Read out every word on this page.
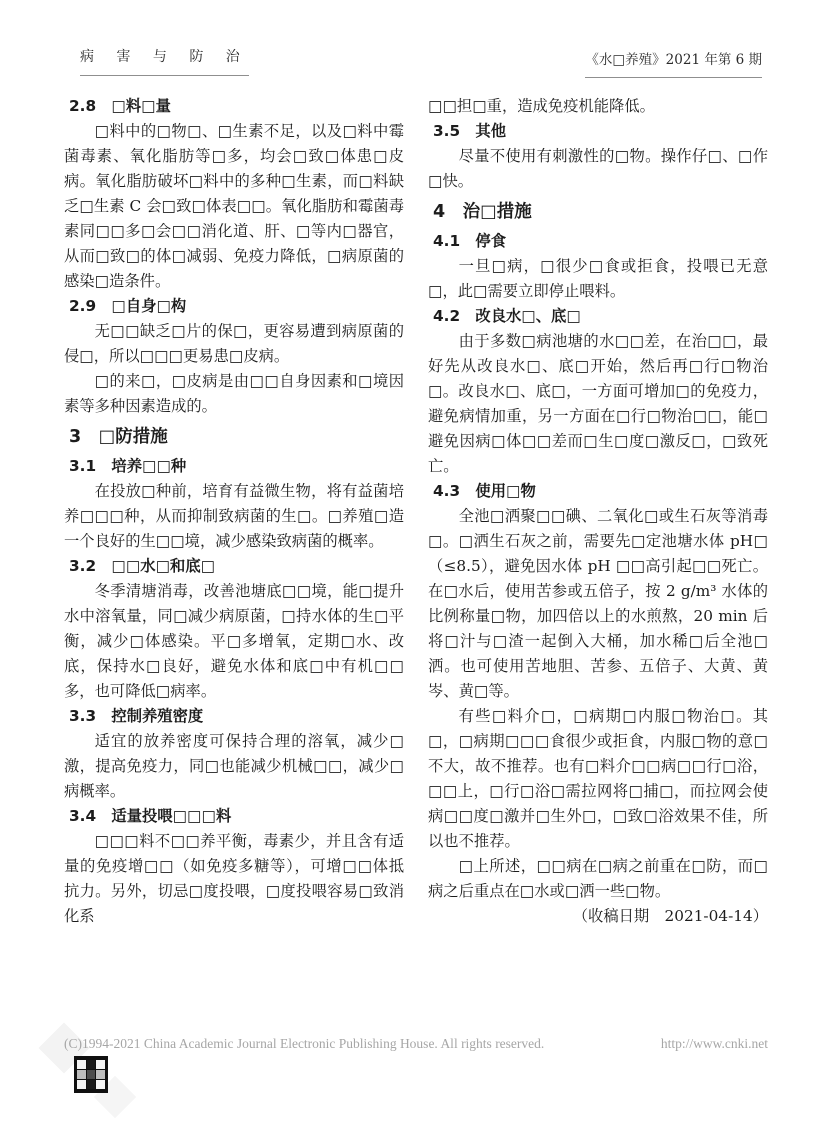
病 害 与 防 治	《水□养殖》2021 年第 6 期
2.8　□料□量

□料中的□物□、□生素不足，以及□料中霉菌毒素、氧化脂肪等□多，均会□致□体患□皮病。氧化脂肪破坏□料中的多种□生素，而□料缺乏□生素 C 会□致□体表□□。氧化脂肪和霉菌毒素同□□多□会□□消化道、肝、□等内□器官，从而□致□的体□减弱、免疫力降低，□病原菌的感染□造条件。

2.9　□自身□构

无□□缺乏□片的保□，更容易遭到病原菌的侵□，所以□□□更易患□皮病。

□的来□，□皮病是由□□自身因素和□境因素等多种因素造成的。

3　□防措施
3.1　培养□□种

在投放□种前，培育有益微生物，将有益菌培养□□□种，从而抑制致病菌的生□。□养殖□造一个良好的生□□境，减少感染致病菌的概率。

3.2　□□水□和底□

冬季清塘消毒，改善池塘底□□境，能□提升水中溶氧量，同□减少病原菌，□持水体的生□平衡，减少□体感染。平□多增氧，定期□水、改底，保持水□良好，避免水体和底□中有机□□多，也可降低□病率。

3.3　控制养殖密度

适宜的放养密度可保持合理的溶氧，减少□激，提高免疫力，同□也能减少机械□□，减少□病概率。

3.4　适量投喂□□□料

□□□料不□□养平衡，毒素少，并且含有适量的免疫增□□（如免疫多糖等），可增□□体抵抗力。另外，切忌□度投喂，□度投喂容易□致消化系

□□担□重，造成免疫机能降低。

3.5　其他

尽量不使用有刺激性的□物。操作仔□、□作□快。

4　治□措施
4.1　停食

一旦□病，□很少□食或拒食，投喂已无意□，此□需要立即停止喂料。

4.2　改良水□、底□

由于多数□病池塘的水□□差，在治□□，最好先从改良水□、底□开始，然后再□行□物治□。改良水□、底□，一方面可增加□的免疫力，避免病情加重，另一方面在□行□物治□□，能□避免因病□体□□差而□生□度□激反□，□致死亡。

4.3　使用□物

全池□洒聚□□碘、二氧化□或生石灰等消毒□。□洒生石灰之前，需要先□定池塘水体 pH□（≤8.5），避免因水体 pH □□高引起□□死亡。在□水后，使用苦参或五倍子，按 2 g/m³ 水体的比例称量□物，加四倍以上的水煎熬，20 min 后将□汁与□渣一起倒入大桶，加水稀□后全池□洒。也可使用苦地胆、苦参、五倍子、大黄、黄岑、黄□等。

有些□料介□，□病期□内服□物治□。其□，□病期□□□食很少或拒食，内服□物的意□不大，故不推荐。也有□料介□□病□□行□浴，□□上，□行□浴□需拉网将□捕□，而拉网会使病□□度□激并□生外□，□致□浴效果不佳，所以也不推荐。

□上所述，□□病在□病之前重在□防，而□病之后重点在□水或□洒一些□物。

（收稿日期　2021-04-14）

(C)1994-2021 China Academic Journal Electronic Publishing House. All rights reserved.	http://www.cnki.net
